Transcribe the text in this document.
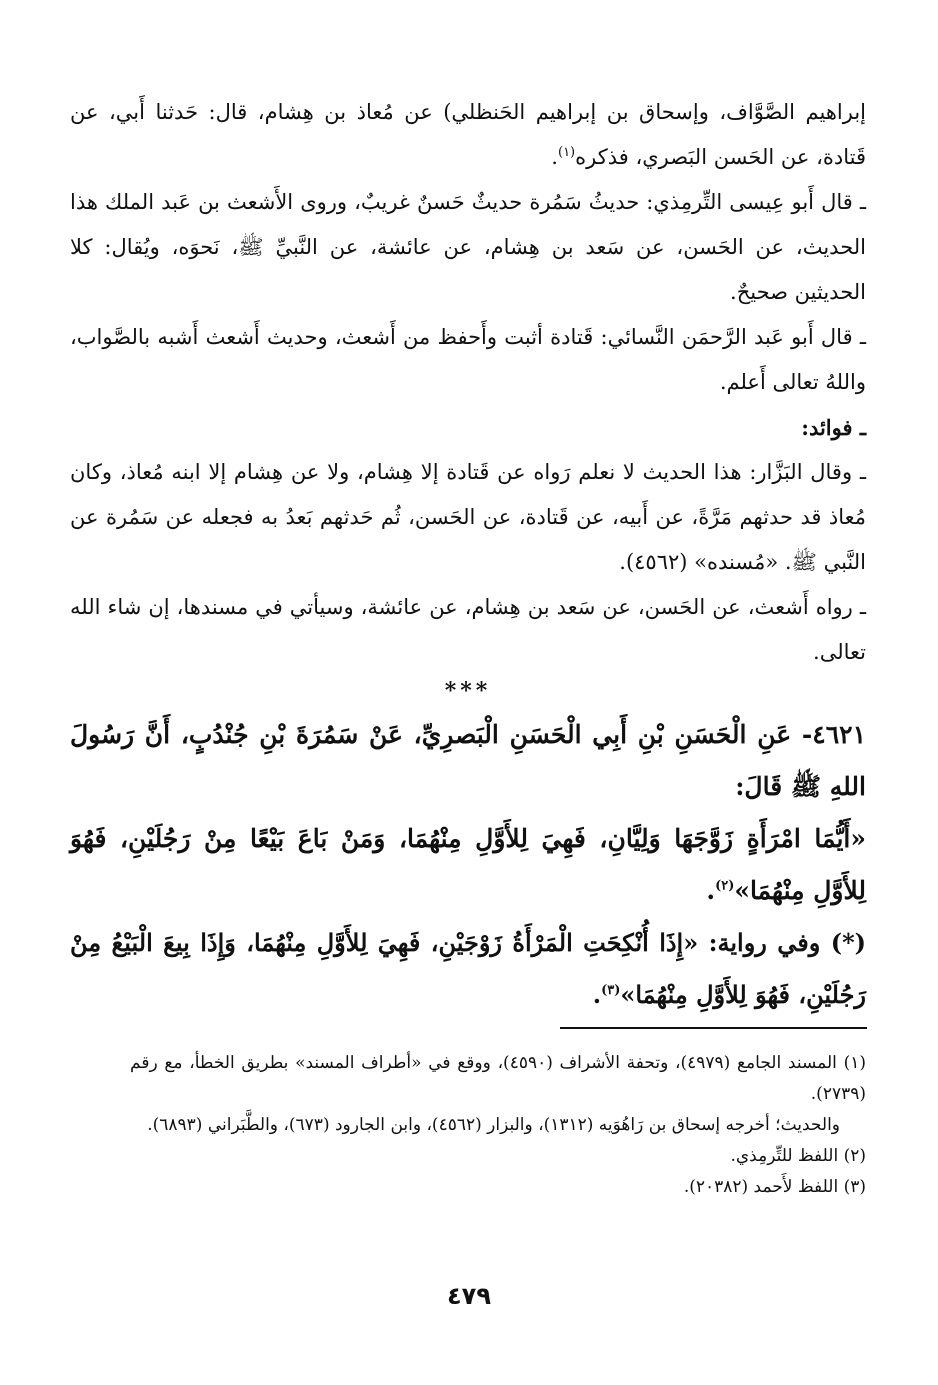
إبراهيم الصَّوَّاف، وإسحاق بن إبراهيم الحَنظلي) عن مُعاذ بن هِشام، قال: حَدثنا أَبي، عن قَتادة، عن الحَسن البَصري، فذكره$^{(١)}$.

ـ قال أَبو عِيسى التِّرمِذي: حديثُ سَمُرة حديثٌ حَسنٌ غريبٌ، وروى الأَشعث بن عَبد الملك هذا الحديث، عن الحَسن، عن سَعد بن هِشام، عن عائشة، عن النَّبيِّ ﷺ، نَحوَه، ويُقال: كلا الحديثين صحيحٌ.

ـ قال أَبو عَبد الرَّحمَن النَّسائي: قَتادة أثبت وأَحفظ من أَشعث، وحديث أَشعث أَشبه بالصَّواب، واللهُ تعالى أَعلم.

ـ فوائد:

ـ وقال البَزَّار: هذا الحديث لا نعلم رَواه عن قَتادة إلا هِشام، ولا عن هِشام إلا ابنه مُعاذ، وكان مُعاذ قد حدثهم مَرَّةً، عن أَبيه، عن قَتادة، عن الحَسن، ثُم حَدثهم بَعدُ به فجعله عن سَمُرة عن النَّبي ﷺ. «مُسنده» (٤٥٦٢).

ـ رواه أَشعث، عن الحَسن، عن سَعد بن هِشام، عن عائشة، وسيأتي في مسندها، إن شاء الله تعالى.

***

٤٦٢١- عَنِ الْحَسَنِ بْنِ أَبِي الْحَسَنِ الْبَصرِيِّ، عَنْ سَمُرَةَ بْنِ جُنْدُبٍ، أَنَّ رَسُولَ اللهِ ﷺ قَالَ:

«أَيُّمَا امْرَأَةٍ زَوَّجَهَا وَلِيَّانِ، فَهِيَ لِلأَوَّلِ مِنْهُمَا، وَمَنْ بَاعَ بَيْعًا مِنْ رَجُلَيْنِ، فَهُوَ لِلأَوَّلِ مِنْهُمَا»$^{(٢)}$.

(*) وفي رواية: «إِذَا أُنْكِحَتِ الْمَرْأَةُ زَوْجَيْنِ، فَهِيَ لِلأَوَّلِ مِنْهُمَا، وَإِذَا بِيعَ الْبَيْعُ مِنْ رَجُلَيْنِ، فَهُوَ لِلأَوَّلِ مِنْهُمَا»$^{(٣)}$.

(١) المسند الجامع (٤٩٧٩)، وتحفة الأشراف (٤٥٩٠)، ووقع في «أطراف المسند» بطريق الخطأ، مع رقم (٢٧٣٩).

والحديث؛ أخرجه إسحاق بن رَاهُوَيه (١٣١٢)، والبزار (٤٥٦٢)، وابن الجارود (٦٧٣)، والطَّبَراني (٦٨٩٣).

(٢) اللفظ للتِّرمِذي.

(٣) اللفظ لأَحمد (٢٠٣٨٢).

٤٧٩
